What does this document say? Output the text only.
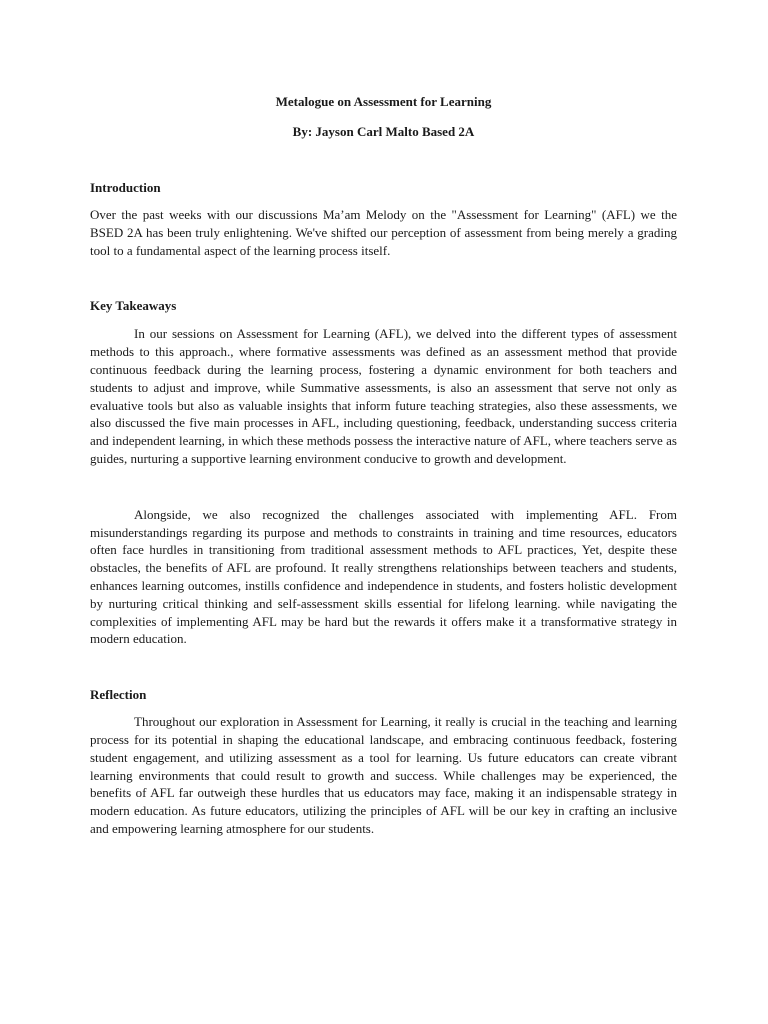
Metalogue on Assessment for Learning
By: Jayson Carl Malto Based 2A
Introduction

Over the past weeks with our discussions Ma’am Melody on the "Assessment for Learning" (AFL) we the BSED 2A has been truly enlightening. We've shifted our perception of assessment from being merely a grading tool to a fundamental aspect of the learning process itself.

Key Takeaways

In our sessions on Assessment for Learning (AFL), we delved into the different types of assessment methods to this approach., where formative assessments was defined as an assessment method that provide continuous feedback during the learning process, fostering a dynamic environment for both teachers and students to adjust and improve, while Summative assessments, is also an assessment that serve not only as evaluative tools but also as valuable insights that inform future teaching strategies, also these assessments, we also discussed the five main processes in AFL, including questioning, feedback, understanding success criteria and independent learning, in which these methods possess the interactive nature of AFL, where teachers serve as guides, nurturing a supportive learning environment conducive to growth and development.

Alongside, we also recognized the challenges associated with implementing AFL. From misunderstandings regarding its purpose and methods to constraints in training and time resources, educators often face hurdles in transitioning from traditional assessment methods to AFL practices, Yet, despite these obstacles, the benefits of AFL are profound. It really strengthens relationships between teachers and students, enhances learning outcomes, instills confidence and independence in students, and fosters holistic development by nurturing critical thinking and self-assessment skills essential for lifelong learning. while navigating the complexities of implementing AFL may be hard but the rewards it offers make it a transformative strategy in modern education.

Reflection

Throughout our exploration in Assessment for Learning, it really is crucial in the teaching and learning process for its potential in shaping the educational landscape, and embracing continuous feedback, fostering student engagement, and utilizing assessment as a tool for learning. Us future educators can create vibrant learning environments that could result to growth and success. While challenges may be experienced, the benefits of AFL far outweigh these hurdles that us educators may face, making it an indispensable strategy in modern education. As future educators, utilizing the principles of AFL will be our key in crafting an inclusive and empowering learning atmosphere for our students.
